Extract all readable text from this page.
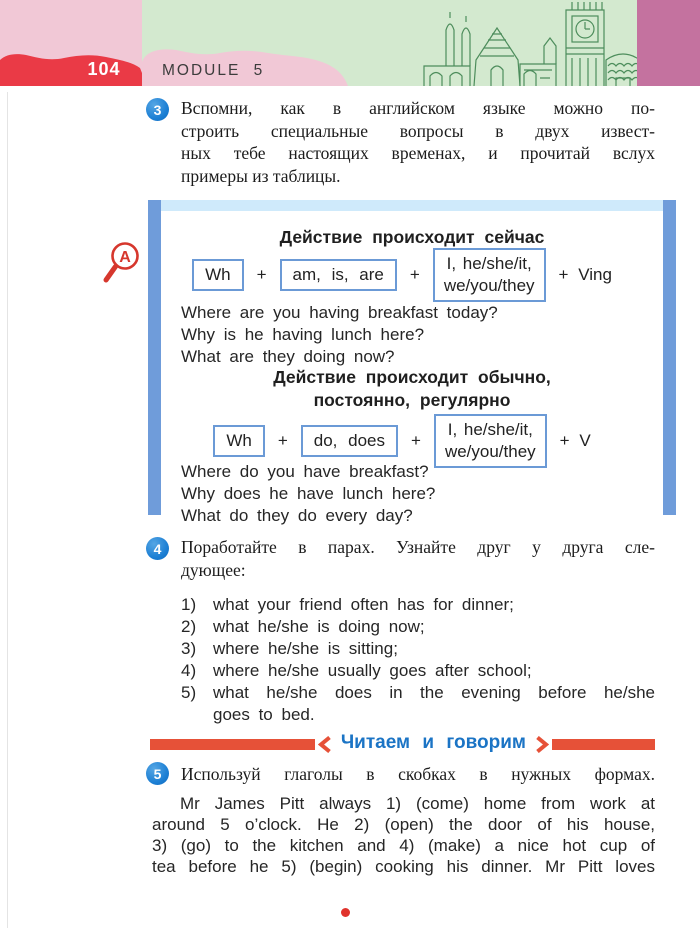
104	MODULE 5
3	Вспомни, как в английском языке можно по-
строить специальные вопросы в двух извест-
ных тебе настоящих временах, и прочитай вслух
примеры из таблицы.
A
Действие происходит сейчас
Wh	+	am, is, are	+
I, he/she/it,
we/you/they
+ Ving
Where are you having breakfast today?
Why is he having lunch here?
What are they doing now?
Действие происходит обычно,
постоянно, регулярно
Wh	+	do, does	+
I, he/she/it,
we/you/they
+ V
Where do you have breakfast?
Why does he have lunch here?
What do they do every day?
4	Поработайте в парах. Узнайте друг у друга сле-
дующее:
1) what your friend often has for dinner;
2) what he/she is doing now;
3) where he/she is sitting;
4) where he/she usually goes after school;
5) what he/she does in the evening before he/she
goes to bed.
Читаем и говорим
5	Используй глаголы в скобках в нужных формах.
Mr James Pitt always 1) (come) home from work at
around 5 o’clock. He 2) (open) the door of his house,
3) (go) to the kitchen and 4) (make) a nice hot cup of
tea before he 5) (begin) cooking his dinner. Mr Pitt loves
